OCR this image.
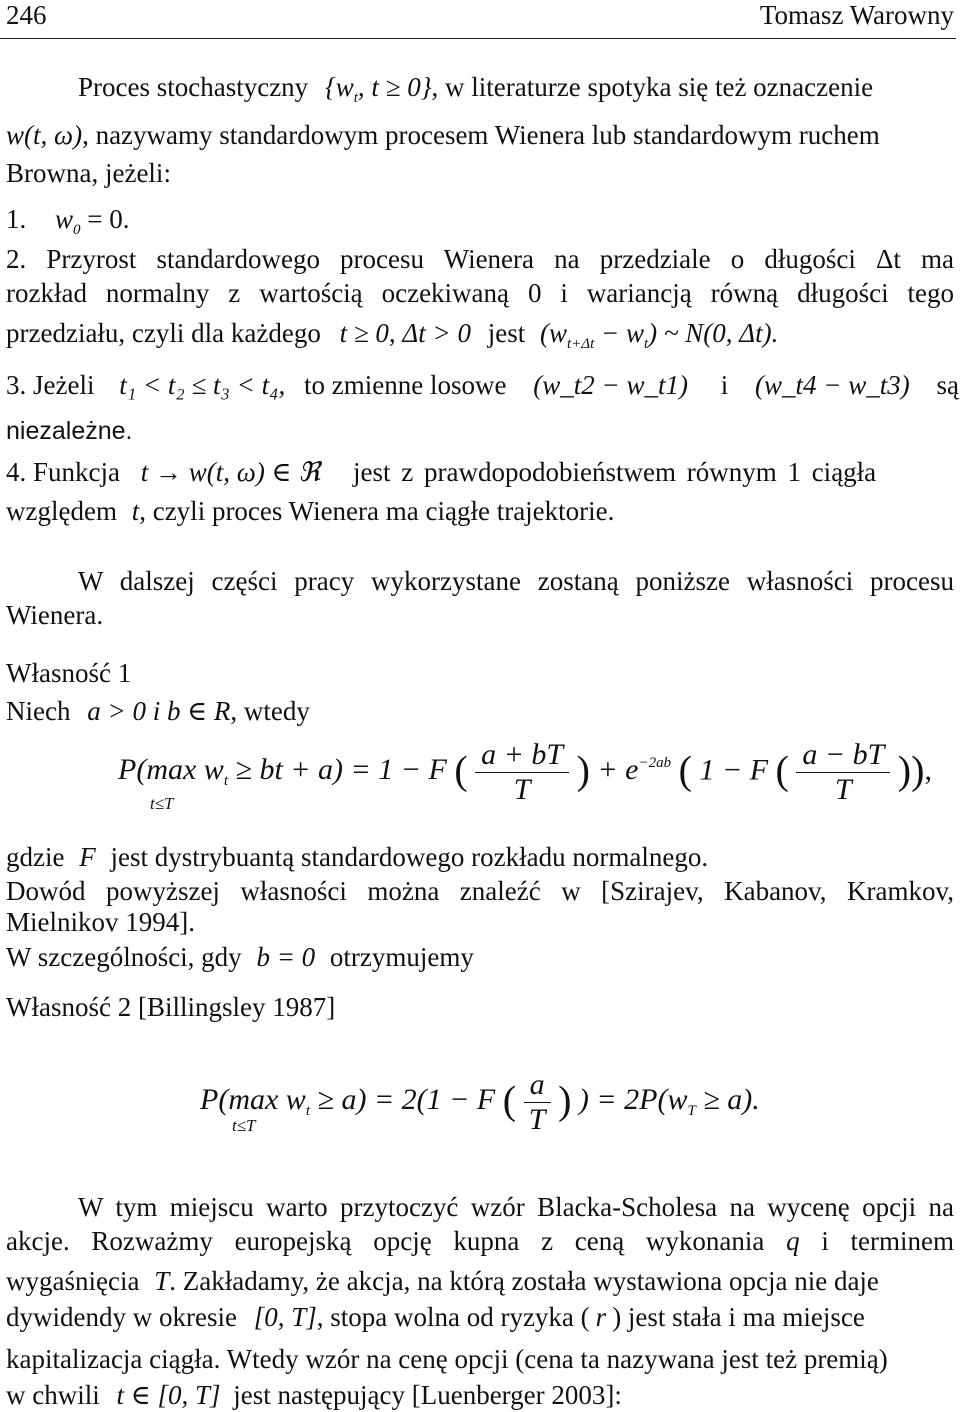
246	Tomasz Warowny
Proces stochastyczny {$w_t$, t ≥ 0}, w literaturze spotyka się też oznaczenie
w(t, ω), nazywamy standardowym procesem Wienera lub standardowym ruchem
Browna, jeżeli:
1. $w_0 = 0$.
2. Przyrost standardowego procesu Wienera na przedziale o długości Δt ma
rozkład normalny z wartością oczekiwaną 0 i wariancją równą długości tego
przedziału, czyli dla każdego t ≥ 0, Δt > 0 jest $(w_{t+\Delta t} - w_t)$ ~ N(0, Δt).
3. Jeżeli t₁ < t₂ ≤ t₃ < t₄, to zmienne losowe (w_t2 − w_t1) i (w_t4 − w_t3) są
niezależne.
4. Funkcja t → w(t, ω) ∈ ℜ jest z prawdopodobieństwem równym 1 ciągła
względem t, czyli proces Wienera ma ciągłe trajektorie.
W dalszej części pracy wykorzystane zostaną poniższe własności procesu
Wienera.
Własność 1
Niech a > 0 i b ∈ R, wtedy
P(max $w_t$ ≥ bt + a) = 1 − F ( $\frac{a + bT}{T}$ ) + $e^{-2ab}$ ( 1 − F ( $\frac{a - bT}{T}$ )),
t≤T
gdzie F jest dystrybuantą standardowego rozkładu normalnego.
Dowód powyższej własności można znaleźć w [Szirajev, Kabanov, Kramkov,
Mielnikov 1994].
W szczególności, gdy b = 0 otrzymujemy
Własność 2 [Billingsley 1987]
P(max $w_t \ge a) = 2(1 - F$ ( $\frac{a}{T}$ ) ) = $2P(w_T \ge a)$.
t≤T
W tym miejscu warto przytoczyć wzór Blacka-Scholesa na wycenę opcji na
akcje. Rozważmy europejską opcję kupna z ceną wykonania q i terminem
wygaśnięcia T. Zakładamy, że akcja, na którą została wystawiona opcja nie daje
dywidendy w okresie [0, T], stopa wolna od ryzyka ( r ) jest stała i ma miejsce
kapitalizacja ciągła. Wtedy wzór na cenę opcji (cena ta nazywana jest też premią)
w chwili t ∈ [0, T] jest następujący [Luenberger 2003]:
